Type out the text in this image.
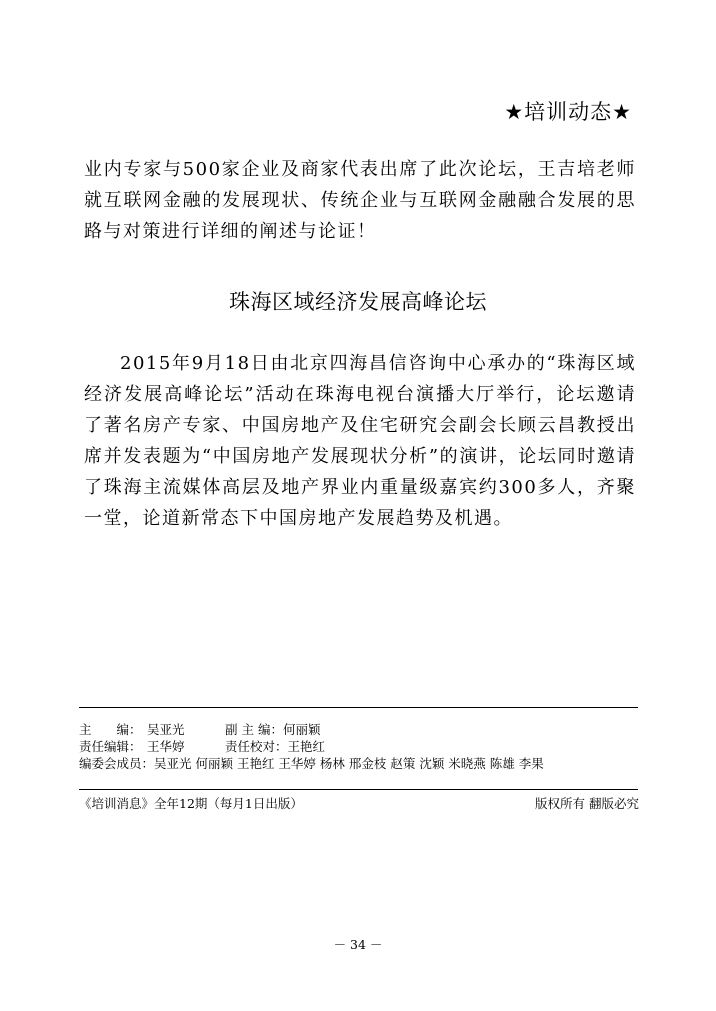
★培训动态★
业内专家与500家企业及商家代表出席了此次论坛，王吉培老师就互联网金融的发展现状、传统企业与互联网金融融合发展的思路与对策进行详细的阐述与论证！
珠海区域经济发展高峰论坛
2015年9月18日由北京四海昌信咨询中心承办的“珠海区域经济发展高峰论坛”活动在珠海电视台演播大厅举行，论坛邀请了著名房产专家、中国房地产及住宅研究会副会长顾云昌教授出席并发表题为“中国房地产发展现状分析”的演讲，论坛同时邀请了珠海主流媒体高层及地产界业内重量级嘉宾约300多人，齐聚一堂，论道新常态下中国房地产发展趋势及机遇。
主　　编： 吴亚光	副 主 编：何丽颖
责任编辑： 王华婷	责任校对：王艳红
编委会成员：吴亚光 何丽颖 王艳红 王华婷 杨林 邢金枝 赵策 沈颖 米晓燕 陈雄 李果
《培训消息》全年12期（每月1日出版）	版权所有 翻版必究
－ 34 －
